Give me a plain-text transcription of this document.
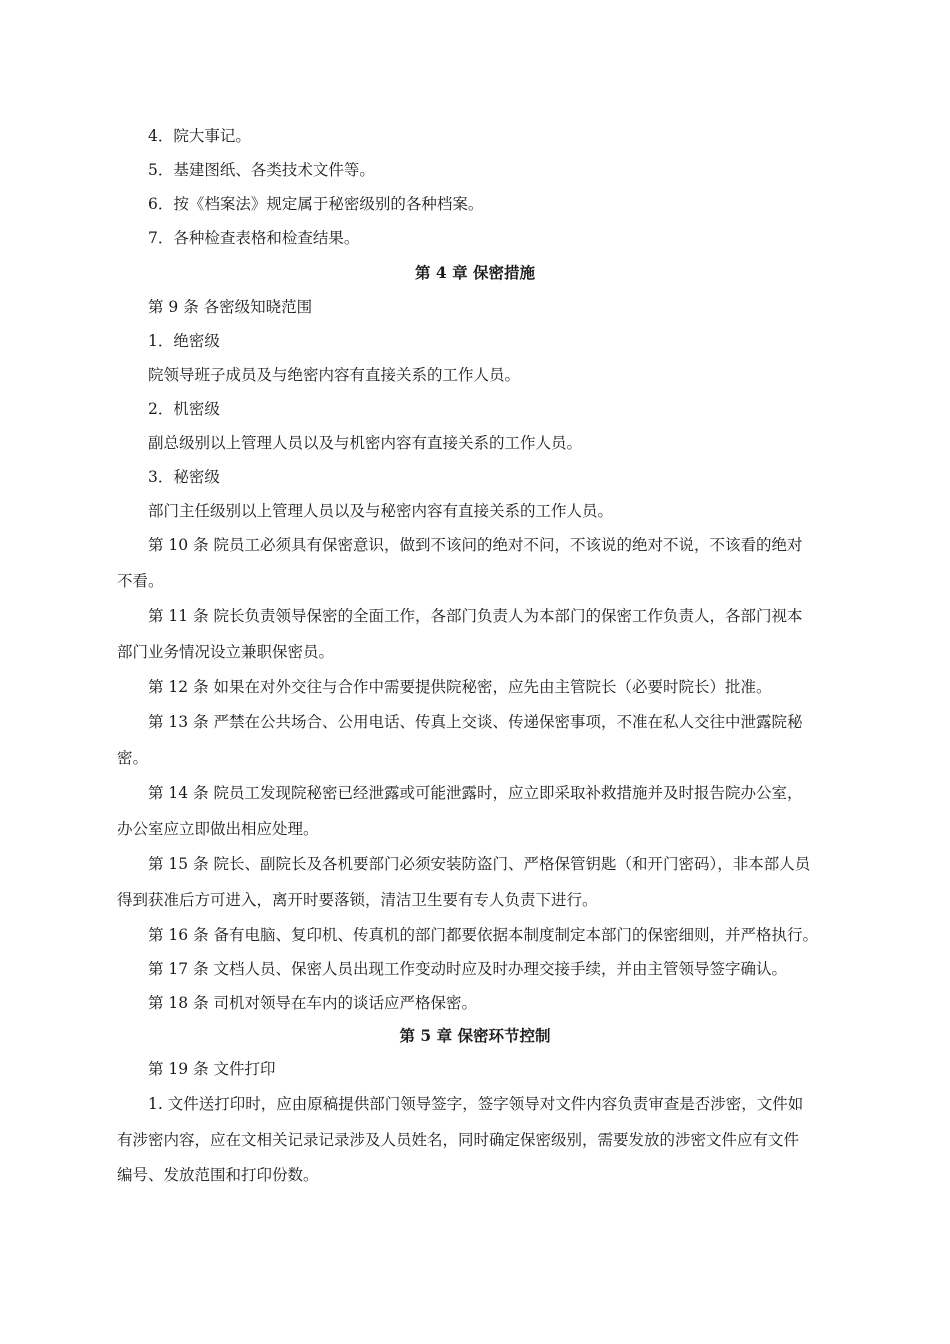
4．院大事记。
5．基建图纸、各类技术文件等。
6．按《档案法》规定属于秘密级别的各种档案。
7．各种检查表格和检查结果。
第 4 章 保密措施
第 9 条 各密级知晓范围
1．绝密级
院领导班子成员及与绝密内容有直接关系的工作人员。
2．机密级
副总级别以上管理人员以及与机密内容有直接关系的工作人员。
3．秘密级
部门主任级别以上管理人员以及与秘密内容有直接关系的工作人员。
第 10 条 院员工必须具有保密意识，做到不该问的绝对不问，不该说的绝对不说，不该看的绝对
不看。
第 11 条 院长负责领导保密的全面工作，各部门负责人为本部门的保密工作负责人，各部门视本
部门业务情况设立兼职保密员。
第 12 条 如果在对外交往与合作中需要提供院秘密，应先由主管院长（必要时院长）批准。
第 13 条 严禁在公共场合、公用电话、传真上交谈、传递保密事项，不准在私人交往中泄露院秘
密。
第 14 条 院员工发现院秘密已经泄露或可能泄露时，应立即采取补救措施并及时报告院办公室，
办公室应立即做出相应处理。
第 15 条 院长、副院长及各机要部门必须安装防盗门、严格保管钥匙（和开门密码），非本部人员
得到获准后方可进入，离开时要落锁，清洁卫生要有专人负责下进行。
第 16 条 备有电脑、复印机、传真机的部门都要依据本制度制定本部门的保密细则，并严格执行。
第 17 条 文档人员、保密人员出现工作变动时应及时办理交接手续，并由主管领导签字确认。
第 18 条 司机对领导在车内的谈话应严格保密。
第 5 章 保密环节控制
第 19 条 文件打印
1. 文件送打印时，应由原稿提供部门领导签字，签字领导对文件内容负责审查是否涉密，文件如
有涉密内容，应在文相关记录记录涉及人员姓名，同时确定保密级别，需要发放的涉密文件应有文件
编号、发放范围和打印份数。
